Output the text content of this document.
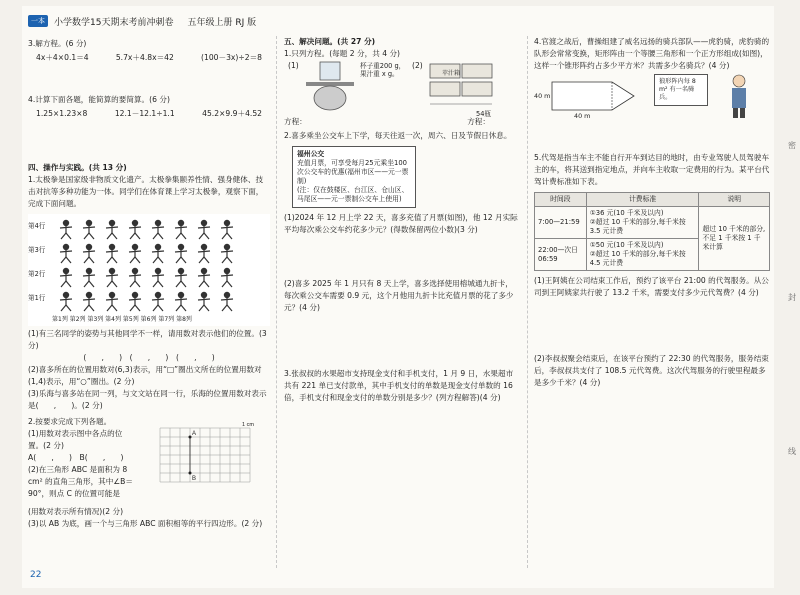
一本	小学数学15天期末考前冲刺卷 五年级上册 RJ 版
3.解方程。(6 分)
4x＋4×0.1＝4	5.7x＋4.8x＝42	(100－3x)÷2＝8
4.计算下面各题，能简算的要简算。(6 分)
1.25×1.23×8	12.1－12.1÷1.1	45.2×9.9＋4.52
四、操作与实践。(共 13 分)
1.太极拳是国家级非物质文化遗产。太极拳集颐养性情、强身健体、技击对抗等多种功能为一体。同学们在体育课上学习太极拳，观察下面，完成下面问题。
第4行
第3行
第2行
第1行
第1列 第2列 第3列 第4列 第5列 第6列 第7列 第8列
(1)有三名同学的姿势与其他同学不一样，请用数对表示他们的位置。(3 分)
(　　,　　)　(　　,　　)　(　　,　　)
(2)喜多所在的位置用数对(6,3)表示，用“□”圈出文所在的位置用数对(1,4)表示，用“○”圈出。(2 分)
(3)乐海与喜多站在同一列，与文文站在同一行，乐海的位置用数对表示是(　　,　　)。(2 分)
2.按要求完成下列各题。
(1)用数对表示图中各点的位置。(2 分)
A(　　,　　)　B(　　,　　)
(2)在三角形 ABC 是面积为 8 cm² 的直角三角形，其中∠B＝90°，则点 C 的位置可能是
A
B
1 cm
(用数对表示所有情况)(2 分)
(3)以 AB 为底，画一个与三角形 ABC 面积相等的平行四边形。(2 分)
五、解决问题。(共 27 分)
1.只列方程。(每题 2 分，共 4 分)
(1)	杯子重200 g，果汁重 x g。
(2)
苹汁箱
54瓶
方程：	方程：
2.喜多乘坐公交车上下学，每天往返一次，周六、日及节假日休息。
福州公交
充值月票，可享受每月25元乘坐100次公交车的优惠(福州市区——元一票制)
(注：仅在鼓楼区、台江区、仓山区、马尾区——元一票制公交车上使用)
(1)2024 年 12 月上学 22 天，喜多充值了月票(如图)，他 12 月实际平均每次乘公交车约花多少元？(得数保留两位小数)(3 分)
(2)喜多 2025 年 1 月只有 8 天上学，喜多选择使用榕城通九折卡，每次乘公交车需要 0.9 元，这个月他用九折卡比充值月票的花了多少元？(4 分)
3.张叔叔的水果超市支持现金支付和手机支付，1 月 9 日，水果超市共有 221 单已支付款单，其中手机支付的单数是现金支付单数的 16 倍，手机支付和现金支付的单数分别是多少？(列方程解答)(4 分)
4.官渡之战后，曹操组建了威名远扬的骑兵部队——虎豹骑，虎豹骑的队形会常常变换，矩形阵由一个等腰三角形和一个正方形组成(如图)，这样一个锥形阵约占多少平方米？共需多少名骑兵？(4 分)
40 m
40 m
狼形阵内每 8 m² 有一名骑兵。
5.代驾是指当车主不能自行开车到达目的地时，由专业驾驶人员驾驶车主的车，将其送到指定地点，并向车主收取一定费用的行为。某平台代驾计费标准如下表。
时间段	计费标准	说明
7:00—21:59	①36 元(10 千米及以内)
②超过 10 千米的部分,每千米按 3.5 元计费	超过 10 千米的部分,不足 1 千米按 1 千米计算
22:00—次日 06:59	①50 元(10 千米及以内)
②超过 10 千米的部分,每千米按 4.5 元计费	
(1)王阿姨在公司结束工作后，预约了该平台 21:00 的代驾服务。从公司到王阿姨家共行驶了 13.2 千米，需要支付多少元代驾费？(4 分)
(2)李叔叔聚会结束后，在该平台预约了 22:30 的代驾服务，服务结束后，李叔叔共支付了 108.5 元代驾费。这次代驾服务的行驶里程最多是多少千米？(4 分)
22
密
封
线
